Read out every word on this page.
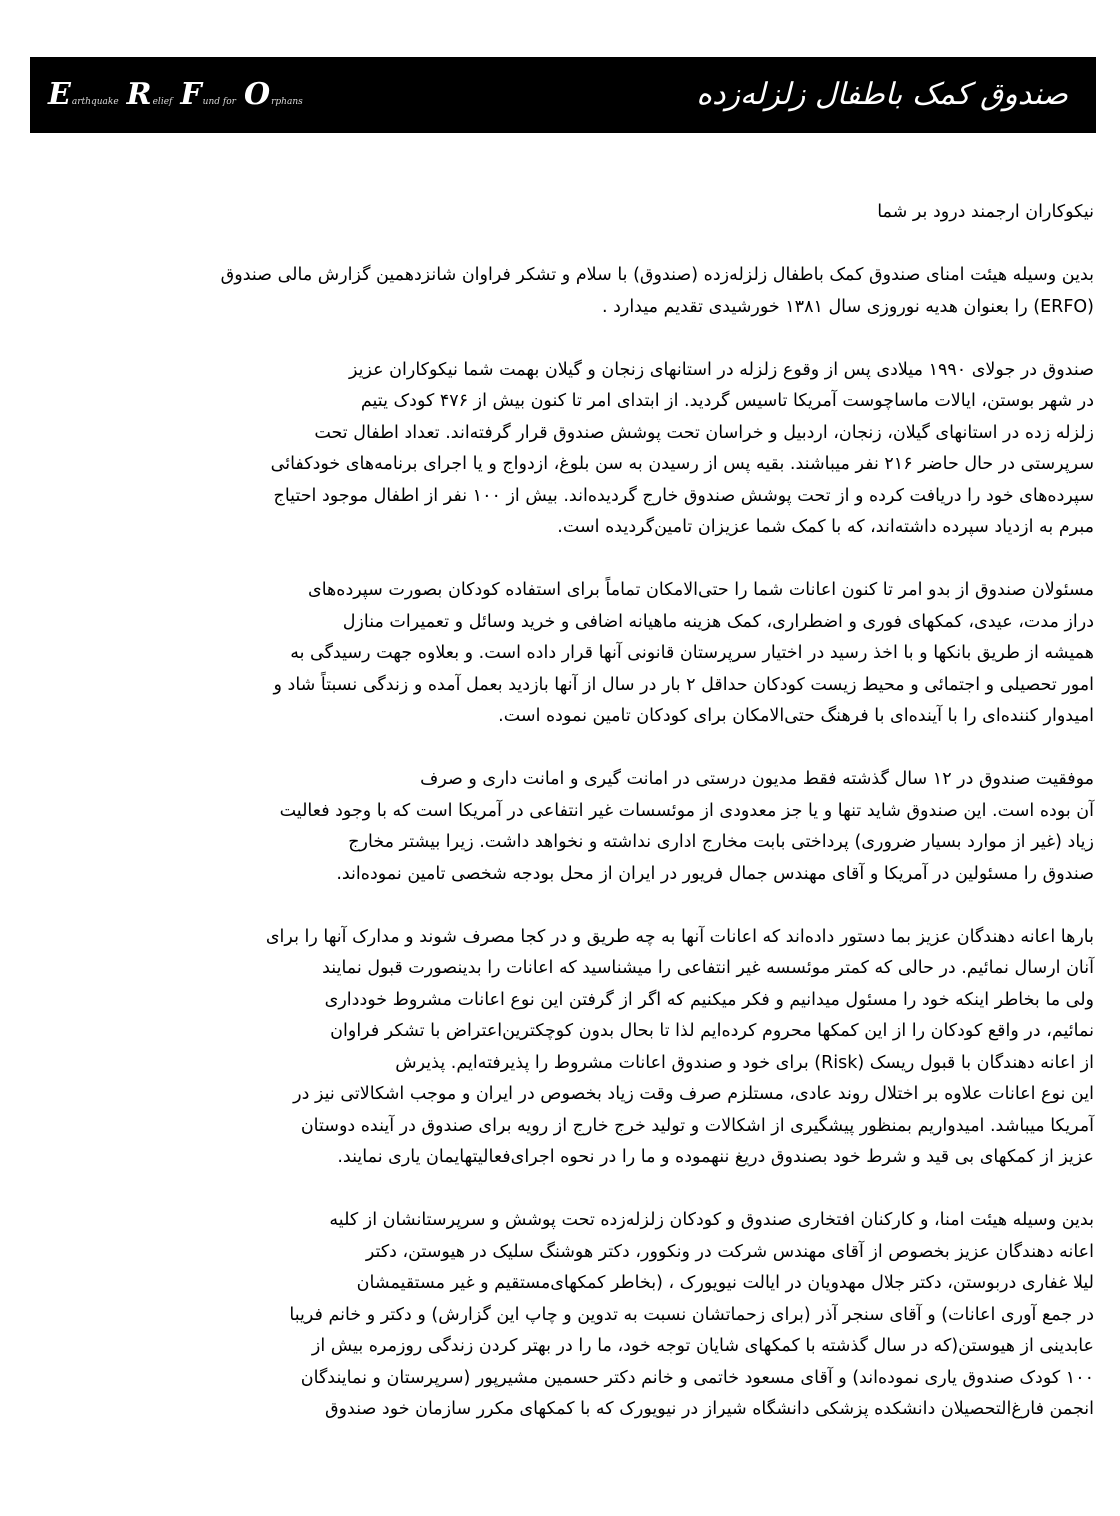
E arthquake R elief F und for O rphans	صندوق کمک باطفال زلزله‌زده
نیکوکاران ارجمند درود بر شما
بدین وسیله هیئت امنای صندوق کمک باطفال زلزله‌زده (صندوق) با سلام و تشکر فراوان شانزدهمین گزارش مالی صندوق
(ERFO) را بعنوان هدیه نوروزی سال ۱۳۸۱ خورشیدی تقدیم میدارد .
صندوق در جولای ۱۹۹۰ میلادی پس از وقوع زلزله در استانهای زنجان و گیلان بهمت شما نیکوکاران عزیز
در شهر بوستن، ایالات ماساچوست آمریکا تاسیس گردید. از ابتدای امر تا کنون بیش از ۴۷۶ کودک یتیم
زلزله زده در استانهای گیلان، زنجان، اردبیل و خراسان تحت پوشش صندوق قرار گرفته‌اند. تعداد اطفال تحت
سرپرستی در حال حاضر ۲۱۶ نفر میباشند. بقیه پس از رسیدن به سن بلوغ، ازدواج و یا اجرای برنامه‌های خودکفائی
سپرده‌های خود را دریافت کرده و از تحت پوشش صندوق خارج گردیده‌اند. بیش از ۱۰۰ نفر از اطفال موجود احتیاج
مبرم به ازدیاد سپرده داشته‌اند، که با کمک شما عزیزان تامین‌گردیده است.
مسئولان صندوق از بدو امر تا کنون اعانات شما را حتی‌الامکان تماماً برای استفاده کودکان بصورت سپرده‌های
دراز مدت، عیدی، کمکهای فوری و اضطراری، کمک هزینه ماهیانه اضافی و خرید وسائل و تعمیرات منازل
همیشه از طریق بانکها و با اخذ رسید در اختیار سرپرستان قانونی آنها قرار داده است. و بعلاوه جهت رسیدگی به
امور تحصیلی و اجتمائی و محیط زیست کودکان حداقل ۲ بار در سال از آنها بازدید بعمل آمده و زندگی نسبتاً شاد و
امیدوار کننده‌ای را با آینده‌ای با فرهنگ حتی‌الامکان برای کودکان تامین نموده است.
موفقیت صندوق در ۱۲ سال گذشته فقط مدیون درستی در امانت گیری و امانت داری و صرف
آن بوده است. این صندوق شاید تنها و یا جز معدودی از موئسسات غیر انتفاعی در آمریکا است که با وجود فعالیت
زیاد (غیر از موارد بسیار ضروری) پرداختی بابت مخارج اداری نداشته و نخواهد داشت. زیرا بیشتر مخارج
صندوق را مسئولین در آمریکا و آقای مهندس جمال فریور در ایران از محل بودجه شخصی تامین نموده‌اند.
بارها اعانه دهندگان عزیز بما دستور داده‌اند که اعانات آنها به چه طریق و در کجا مصرف شوند و مدارک آنها را برای
آنان ارسال نمائیم. در حالی که کمتر موئسسه غیر انتفاعی را میشناسید که اعانات را بدینصورت قبول نمایند
ولی ما بخاطر اینکه خود را مسئول میدانیم و فکر میکنیم که اگر از گرفتن این نوع اعانات مشروط خودداری
نمائیم، در واقع کودکان را از این کمکها محروم کرده‌ایم لذا تا بحال بدون کوچکترین‌اعتراض با تشکر فراوان
از اعانه دهندگان با قبول ریسک (Risk) برای خود و صندوق اعانات مشروط را پذیرفته‌ایم. پذیرش
این نوع اعانات علاوه بر اختلال روند عادی، مستلزم صرف وقت زیاد بخصوص در ایران و موجب اشکالاتی نیز در
آمریکا میباشد. امیدواریم بمنظور پیشگیری از اشکالات و تولید خرج خارج از رویه برای صندوق در آینده دوستان
عزیز از کمکهای بی قید و شرط خود بصندوق دریغ ننهموده و ما را در نحوه اجرای‌فعالیتهایمان یاری نمایند.
بدین وسیله هیئت امنا، و کارکنان افتخاری صندوق و کودکان زلزله‌زده تحت پوشش و سرپرستانشان از کلیه
اعانه دهندگان عزیز بخصوص از آقای مهندس شرکت در ونکوور، دکتر هوشنگ سلیک در هیوستن، دکتر
لیلا غفاری دربوستن، دکتر جلال مهدویان در ایالت نیویورک ، (بخاطر کمکهای‌مستقیم و غیر مستقیمشان
در جمع آوری اعانات) و آقای سنجر آذر (برای زحماتشان نسبت به تدوین و چاپ این گزارش) و دکتر و خانم فریبا
عابدینی از هیوستن(که در سال گذشته با کمکهای شایان توجه خود، ما را در بهتر کردن زندگی روزمره بیش از
۱۰۰ کودک صندوق یاری نموده‌اند) و آقای مسعود خاتمی و خانم دکتر حسمین مشیرپور (سرپرستان و نمایندگان
انجمن فارغ‌التحصیلان دانشکده پزشکی دانشگاه شیراز در نیویورک که با کمکهای مکرر سازمان خود صندوق
